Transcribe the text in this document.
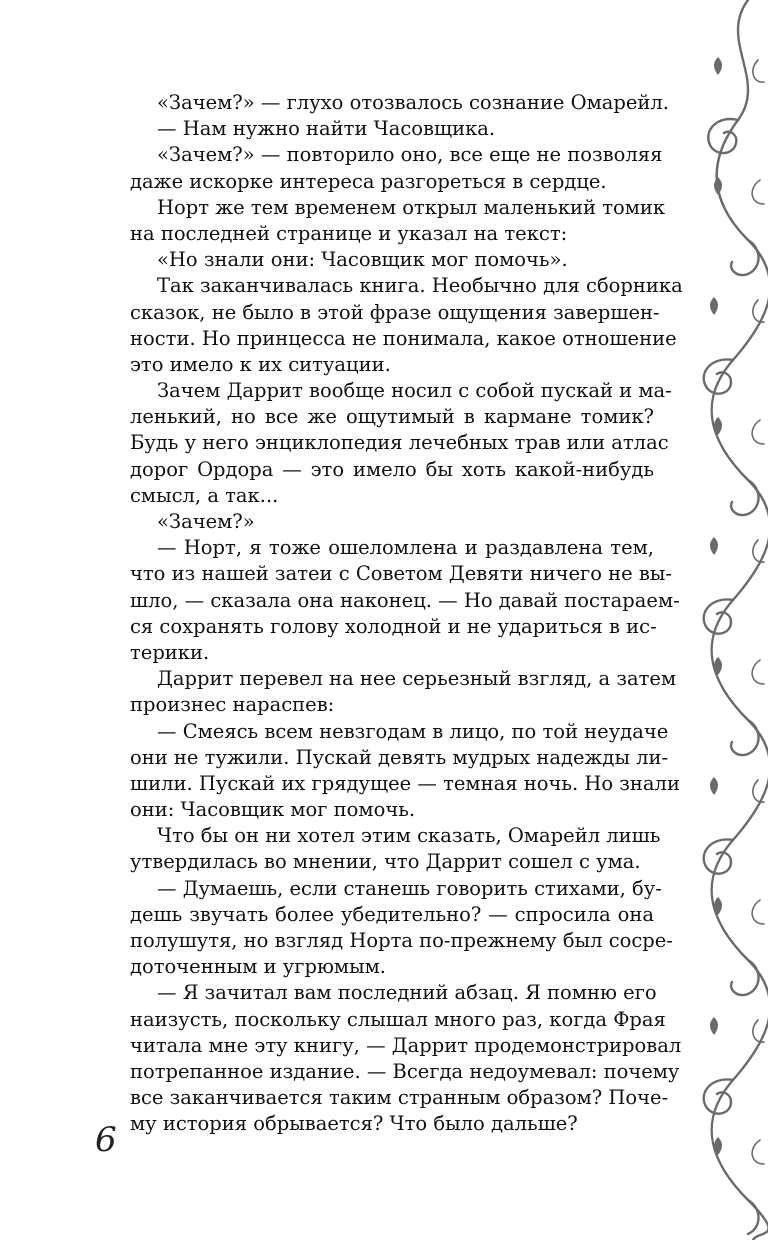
«Зачем?» — глухо отозвалось сознание Омарейл.
— Нам нужно найти Часовщика.
«Зачем?» — повторило оно, все еще не позволяя
даже искорке интереса разгореться в сердце.
Норт же тем временем открыл маленький томик
на последней странице и указал на текст:
«Но знали они: Часовщик мог помочь».
Так заканчивалась книга. Необычно для сборника
сказок, не было в этой фразе ощущения завершен-
ности. Но принцесса не понимала, какое отношение
это имело к их ситуации.
Зачем Даррит вообще носил с собой пускай и ма-
ленький, но все же ощутимый в кармане томик?
Будь у него энциклопедия лечебных трав или атлас
дорог Ордора — это имело бы хоть какой-нибудь
смысл, а так...
«Зачем?»
— Норт, я тоже ошеломлена и раздавлена тем,
что из нашей затеи с Советом Девяти ничего не вы-
шло, — сказала она наконец. — Но давай постараем-
ся сохранять голову холодной и не удариться в ис-
терики.
Даррит перевел на нее серьезный взгляд, а затем
произнес нараспев:
— Смеясь всем невзгодам в лицо, по той неудаче
они не тужили. Пускай девять мудрых надежды ли-
шили. Пускай их грядущее — темная ночь. Но знали
они: Часовщик мог помочь.
Что бы он ни хотел этим сказать, Омарейл лишь
утвердилась во мнении, что Даррит сошел с ума.
— Думаешь, если станешь говорить стихами, бу-
дешь звучать более убедительно? — спросила она
полушутя, но взгляд Норта по-прежнему был сосре-
доточенным и угрюмым.
— Я зачитал вам последний абзац. Я помню его
наизусть, поскольку слышал много раз, когда Фрая
читала мне эту книгу, — Даррит продемонстрировал
потрепанное издание. — Всегда недоумевал: почему
все заканчивается таким странным образом? Поче-
му история обрывается? Что было дальше?
6
